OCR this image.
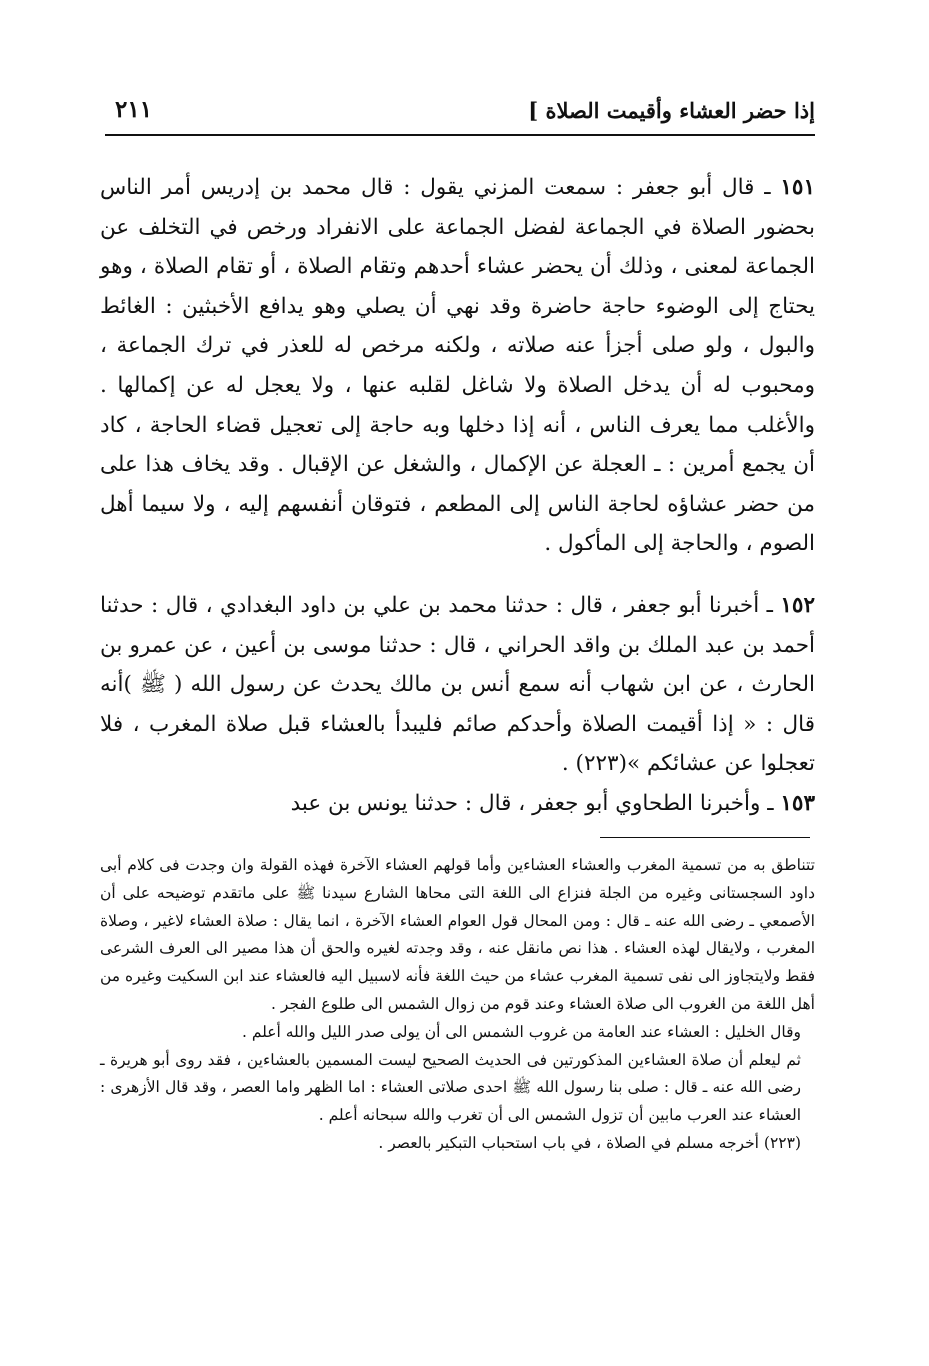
إذا حضر العشاء وأقيمت الصلاة ]
٢١١

١٥١ ـ قال أبو جعفر : سمعت المزني يقول : قال محمد بن إدريس أمر الناس بحضور الصلاة في الجماعة لفضل الجماعة على الانفراد ورخص في التخلف عن الجماعة لمعنى ، وذلك أن يحضر عشاء أحدهم وتقام الصلاة ، أو تقام الصلاة ، وهو يحتاج إلى الوضوء حاجة حاضرة وقد نهي أن يصلي وهو يدافع الأخبثين : الغائط والبول ، ولو صلى أجزأ عنه صلاته ، ولكنه مرخص له للعذر في ترك الجماعة ، ومحبوب له أن يدخل الصلاة ولا شاغل لقلبه عنها ، ولا يعجل له عن إكمالها . والأغلب مما يعرف الناس ، أنه إذا دخلها وبه حاجة إلى تعجيل قضاء الحاجة ، كاد أن يجمع أمرين : ـ العجلة عن الإكمال ، والشغل عن الإقبال . وقد يخاف هذا على من حضر عشاؤه لحاجة الناس إلى المطعم ، فتوقان أنفسهم إليه ، ولا سيما أهل الصوم ، والحاجة إلى المأكول .

١٥٢ ـ أخبرنا أبو جعفر ، قال : حدثنا محمد بن علي بن داود البغدادي ، قال : حدثنا أحمد بن عبد الملك بن واقد الحراني ، قال : حدثنا موسى بن أعين ، عن عمرو بن الحارث ، عن ابن شهاب أنه سمع أنس بن مالك يحدث عن رسول الله ( ﷺ )أنه قال : « إذا أقيمت الصلاة وأحدكم صائم فليبدأ بالعشاء قبل صلاة المغرب ، فلا تعجلوا عن عشائكم »(٢٢٣) .

١٥٣ ـ وأخبرنا الطحاوي أبو جعفر ، قال : حدثنا يونس بن عبد

تتناطق به من تسمية المغرب والعشاء العشاءين وأما قولهم العشاء الآخرة فهذه القولة وان وجدت فى كلام أبى داود السجستانى وغيره من الجلة فنزاع الى اللغة التى محاها الشارع سيدنا ﷺ على ماتقدم توضيحه على أن الأصمعي ـ رضى الله عنه ـ قال : ومن المحال قول العوام العشاء الآخرة ، انما يقال : صلاة العشاء لاغير ، وصلاة المغرب ، ولايقال لهذه العشاء . هذا نص مانقل عنه ، وقد وجدته لغيره والحق أن هذا مصير الى العرف الشرعى فقط ولايتجاوز الى نفى تسمية المغرب عشاء من حيث اللغة فأنه لاسبيل اليه فالعشاء عند ابن السكيت وغيره من أهل اللغة من الغروب الى صلاة العشاء وعند قوم من زوال الشمس الى طلوع الفجر .

وقال الخليل : العشاء عند العامة من غروب الشمس الى أن يولى صدر الليل والله أعلم .

ثم ليعلم أن صلاة العشاءين المذكورتين فى الحديث الصحيح ليست المسمين بالعشاءين ، فقد روى أبو هريرة ـ رضى الله عنه ـ قال : صلى بنا رسول الله ﷺ احدى صلاتى العشاء : اما الظهر واما العصر ، وقد قال الأزهرى : العشاء عند العرب مابين أن تزول الشمس الى أن تغرب والله سبحانه أعلم .

(٢٢٣) أخرجه مسلم في الصلاة ، في باب استحباب التبكير بالعصر .
